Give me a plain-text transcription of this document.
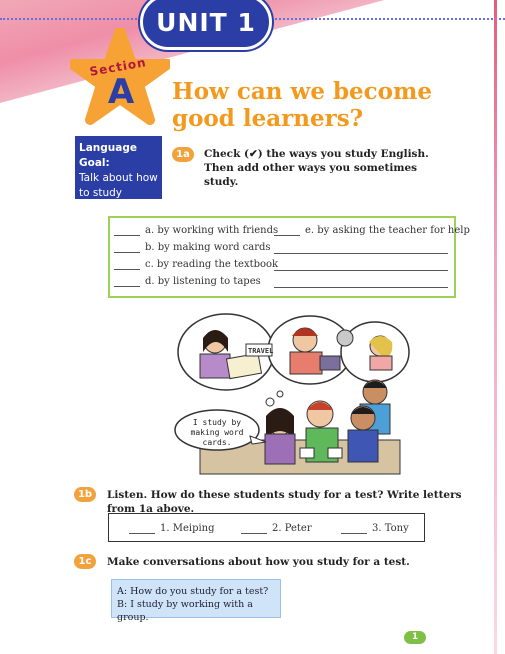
UNIT 1
Section
A	How can we become good learners?
Language Goal:
Talk about how to study
1a	Check (✔) the ways you study English. Then add other ways you sometimes study.
a. by working with friends
b. by making word cards
c. by reading the textbook
d. by listening to tapes
e. by asking the teacher for help
TRAVEL
I study by making word cards.
1b	Listen. How do these students study for a test? Write letters from 1a above.
1. Meiping	2. Peter	3. Tony
1c	Make conversations about how you study for a test.
A: How do you study for a test?
B: I study by working with a group.
1
